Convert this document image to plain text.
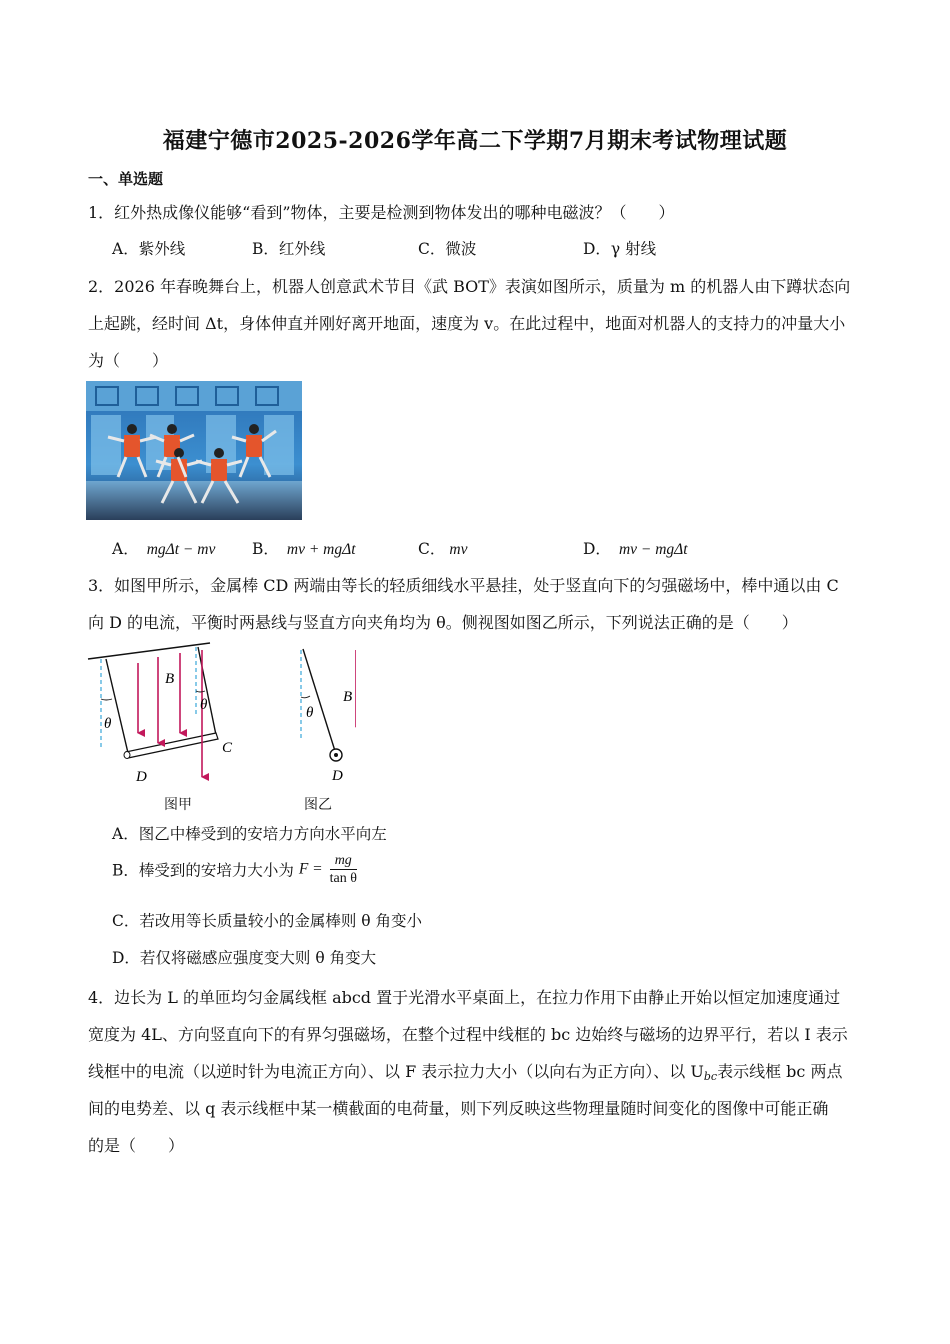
福建宁德市2025-2026学年高二下学期7月期末考试物理试题
一、单选题
1．红外热成像仪能够“看到”物体，主要是检测到物体发出的哪种电磁波？（　　）
A．紫外线	B．红外线	C．微波	D．γ 射线
2．2026 年春晚舞台上，机器人创意武术节目《武 BOT》表演如图所示，质量为 m 的机器人由下蹲状态向
上起跳，经时间 Δt，身体伸直并刚好离开地面，速度为 v。在此过程中，地面对机器人的支持力的冲量大小
为（　　）
A． mgΔt − mv B． mv + mgΔt	C． mv	D． mv − mgΔt
3．如图甲所示，金属棒 CD 两端由等长的轻质细线水平悬挂，处于竖直向下的匀强磁场中，棒中通以由 C
向 D 的电流，平衡时两悬线与竖直方向夹角均为 θ。侧视图如图乙所示，下列说法正确的是（　　）
B
θ
θ
C
D
θ
B
D
图甲	图乙
A．图乙中棒受到的安培力方向水平向左
B．棒受到的安培力大小为 $F = \frac{mg}{\text{tan θ}}$
C．若改用等长质量较小的金属棒则 θ 角变小
D．若仅将磁感应强度变大则 θ 角变大
4．边长为 L 的单匝均匀金属线框 abcd 置于光滑水平桌面上，在拉力作用下由静止开始以恒定加速度通过
宽度为 4L、方向竖直向下的有界匀强磁场，在整个过程中线框的 bc 边始终与磁场的边界平行，若以 I 表示
线框中的电流（以逆时针为电流正方向）、以 F 表示拉力大小（以向右为正方向）、以 $U_{bc}$表示线框 bc 两点
间的电势差、以 q 表示线框中某一横截面的电荷量，则下列反映这些物理量随时间变化的图像中可能正确
的是（　　）
